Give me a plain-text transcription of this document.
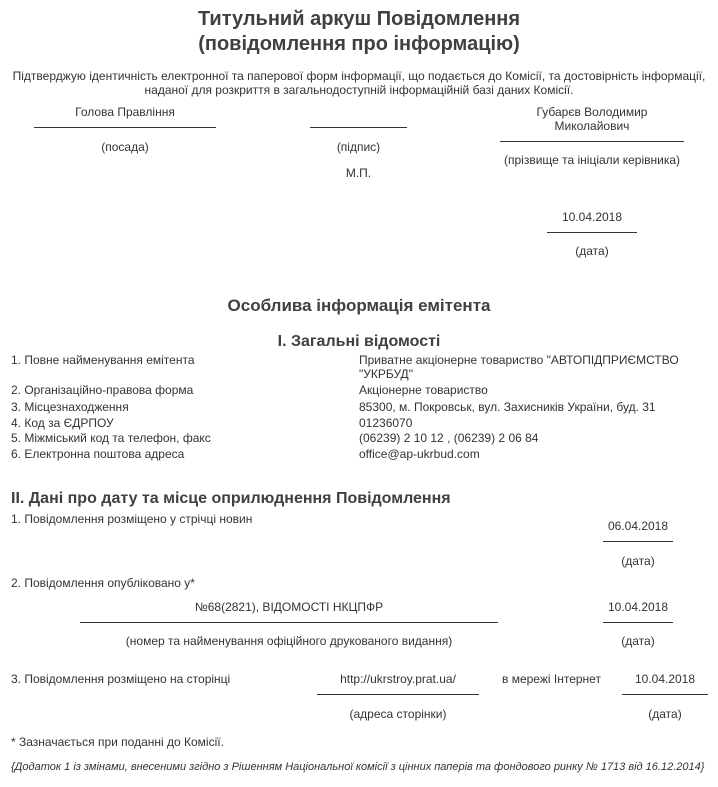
Титульний аркуш Повідомлення
(повідомлення про інформацію)
Підтверджую ідентичність електронної та паперової форм інформації, що подається до Комісії, та достовірність інформації,
наданої для розкриття в загальнодоступній інформаційній базі даних Комісії.
Голова Правління
(посада)	(підпис)
М.П.
Губарєв Володимир
Миколайович
(прізвище та ініціали керівника)
10.04.2018
(дата)
Особлива інформація емітента
I. Загальні відомості
1. Повне найменування емітента	Приватне акціонерне товариство "АВТОПІДПРИЄМСТВО
"УКРБУД"
2. Організаційно-правова форма	Акціонерне товариство
3. Місцезнаходження	85300, м. Покровськ, вул. Захисників України, буд. 31
4. Код за ЄДРПОУ	01236070
5. Міжміський код та телефон, факс	(06239) 2 10 12 , (06239) 2 06 84
6. Електронна поштова адреса	office@ap-ukrbud.com
II. Дані про дату та місце оприлюднення Повідомлення
1. Повідомлення розміщено у стрічці новин	06.04.2018
(дата)
2. Повідомлення опубліковано у*
№68(2821), ВІДОМОСТІ НКЦПФР
(номер та найменування офіційного друкованого видання)
10.04.2018
(дата)
3. Повідомлення розміщено на сторінці	http://ukrstroy.prat.ua/
(адреса сторінки)
в мережі Інтернет	10.04.2018
(дата)
* Зазначається при поданні до Комісії.
{Додаток 1 із змінами, внесеними згідно з Рішенням Національної комісії з цінних паперів та фондового ринку № 1713 від 16.12.2014}
